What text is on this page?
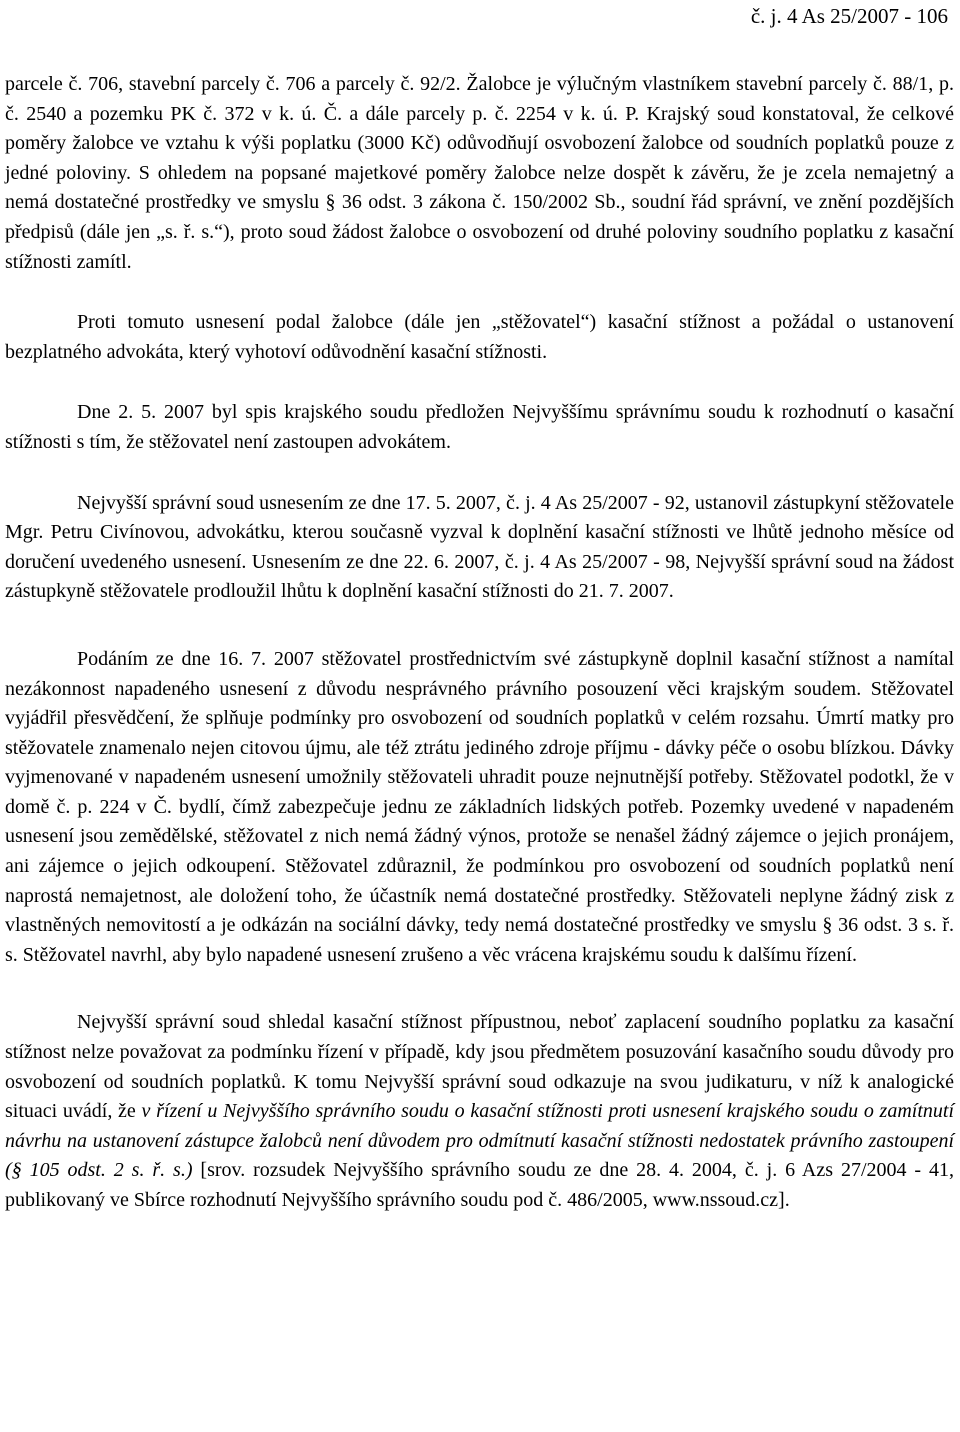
č. j. 4 As 25/2007 - 106

parcele č. 706, stavební parcely č. 706 a parcely č. 92/2. Žalobce je výlučným vlastníkem stavební parcely č. 88/1, p. č. 2540 a pozemku PK č. 372 v k. ú. Č. a dále parcely p. č. 2254 v k. ú. P. Krajský soud konstatoval, že celkové poměry žalobce ve vztahu k výši poplatku (3000 Kč) odůvodňují osvobození žalobce od soudních poplatků pouze z jedné poloviny. S ohledem na popsané majetkové poměry žalobce nelze dospět k závěru, že je zcela nemajetný a nemá dostatečné prostředky ve smyslu § 36 odst. 3 zákona č. 150/2002 Sb., soudní řád správní, ve znění pozdějších předpisů (dále jen „s. ř. s.“), proto soud žádost žalobce o osvobození od druhé poloviny soudního poplatku z kasační stížnosti zamítl.

Proti tomuto usnesení podal žalobce (dále jen „stěžovatel“) kasační stížnost a požádal o ustanovení bezplatného advokáta, který vyhotoví odůvodnění kasační stížnosti.

Dne 2. 5. 2007 byl spis krajského soudu předložen Nejvyššímu správnímu soudu k rozhodnutí o kasační stížnosti s tím, že stěžovatel není zastoupen advokátem.

Nejvyšší správní soud usnesením ze dne 17. 5. 2007, č. j. 4 As 25/2007 - 92, ustanovil zástupkyní stěžovatele Mgr. Petru Civínovou, advokátku, kterou současně vyzval k doplnění kasační stížnosti ve lhůtě jednoho měsíce od doručení uvedeného usnesení. Usnesením ze dne 22. 6. 2007, č. j. 4 As 25/2007 - 98, Nejvyšší správní soud na žádost zástupkyně stěžovatele prodloužil lhůtu k doplnění kasační stížnosti do 21. 7. 2007.

Podáním ze dne 16. 7. 2007 stěžovatel prostřednictvím své zástupkyně doplnil kasační stížnost a namítal nezákonnost napadeného usnesení z důvodu nesprávného právního posouzení věci krajským soudem. Stěžovatel vyjádřil přesvědčení, že splňuje podmínky pro osvobození od soudních poplatků v celém rozsahu. Úmrtí matky pro stěžovatele znamenalo nejen citovou újmu, ale též ztrátu jediného zdroje příjmu - dávky péče o osobu blízkou. Dávky vyjmenované v napadeném usnesení umožnily stěžovateli uhradit pouze nejnutnější potřeby. Stěžovatel podotkl, že v domě č. p. 224 v Č. bydlí, čímž zabezpečuje jednu ze základních lidských potřeb. Pozemky uvedené v napadeném usnesení jsou zemědělské, stěžovatel z nich nemá žádný výnos, protože se nenašel žádný zájemce o jejich pronájem, ani zájemce o jejich odkoupení. Stěžovatel zdůraznil, že podmínkou pro osvobození od soudních poplatků není naprostá nemajetnost, ale doložení toho, že účastník nemá dostatečné prostředky. Stěžovateli neplyne žádný zisk z vlastněných nemovitostí a je odkázán na sociální dávky, tedy nemá dostatečné prostředky ve smyslu § 36 odst. 3 s. ř. s. Stěžovatel navrhl, aby bylo napadené usnesení zrušeno a věc vrácena krajskému soudu k dalšímu řízení.

Nejvyšší správní soud shledal kasační stížnost přípustnou, neboť zaplacení soudního poplatku za kasační stížnost nelze považovat za podmínku řízení v případě, kdy jsou předmětem posuzování kasačního soudu důvody pro osvobození od soudních poplatků. K tomu Nejvyšší správní soud odkazuje na svou judikaturu, v níž k analogické situaci uvádí, že v řízení u Nejvyššího správního soudu o kasační stížnosti proti usnesení krajského soudu o zamítnutí návrhu na ustanovení zástupce žalobců není důvodem pro odmítnutí kasační stížnosti nedostatek právního zastoupení (§ 105 odst. 2 s. ř. s.) [srov. rozsudek Nejvyššího správního soudu ze dne 28. 4. 2004, č. j. 6 Azs 27/2004 - 41, publikovaný ve Sbírce rozhodnutí Nejvyššího správního soudu pod č. 486/2005, www.nssoud.cz].
